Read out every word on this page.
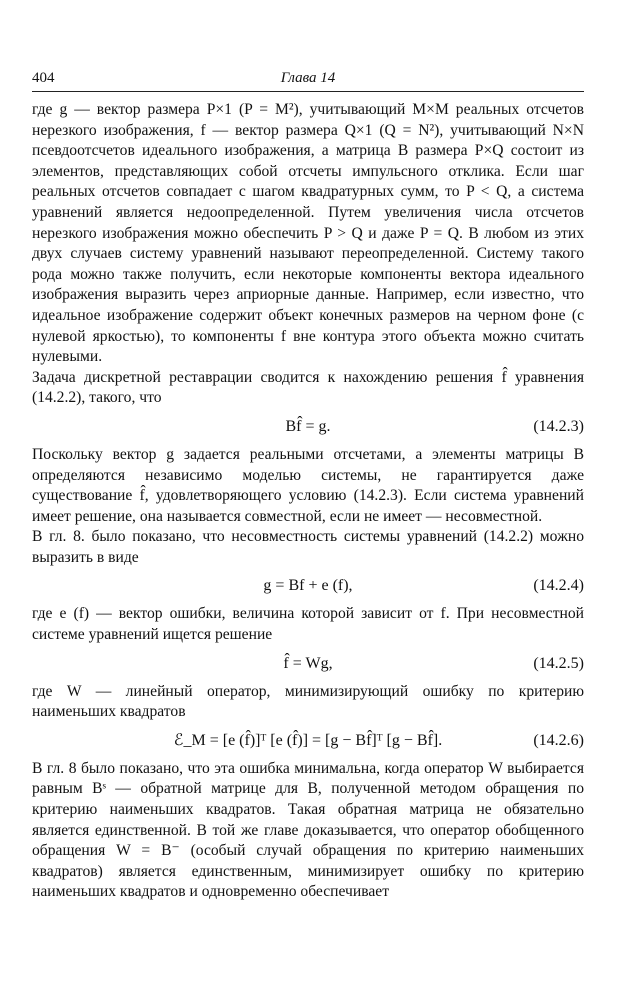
404	Глава 14

где g — вектор размера P×1 (P = M²), учитывающий M×M реальных отсчетов нерезкого изображения, f — вектор размера Q×1 (Q = N²), учитывающий N×N псевдоотсчетов идеального изображения, а матрица B размера P×Q состоит из элементов, представляющих собой отсчеты импульсного отклика. Если шаг реальных отсчетов совпадает с шагом квадратурных сумм, то P < Q, а система уравнений является недоопределенной. Путем увеличения числа отсчетов нерезкого изображения можно обеспечить P > Q и даже P = Q. В любом из этих двух случаев систему уравнений называют переопределенной. Систему такого рода можно также получить, если некоторые компоненты вектора идеального изображения выразить через априорные данные. Например, если известно, что идеальное изображение содержит объект конечных размеров на черном фоне (с нулевой яркостью), то компоненты f вне контура этого объекта можно считать нулевыми.

Задача дискретной реставрации сводится к нахождению решения f̂ уравнения (14.2.2), такого, что

Bf̂ = g.	(14.2.3)

Поскольку вектор g задается реальными отсчетами, а элементы матрицы B определяются независимо моделью системы, не гарантируется даже существование f̂, удовлетворяющего условию (14.2.3). Если система уравнений имеет решение, она называется совместной, если не имеет — несовместной.

В гл. 8. было показано, что несовместность системы уравнений (14.2.2) можно выразить в виде

g = Bf + e (f),	(14.2.4)

где e (f) — вектор ошибки, величина которой зависит от f. При несовместной системе уравнений ищется решение

f̂ = Wg,	(14.2.5)

где W — линейный оператор, минимизирующий ошибку по критерию наименьших квадратов

ℰ_M = [e (f̂)]ᵀ [e (f̂)] = [g − Bf̂]ᵀ [g − Bf̂].	(14.2.6)

В гл. 8 было показано, что эта ошибка минимальна, когда оператор W выбирается равным Bˢ — обратной матрице для B, полученной методом обращения по критерию наименьших квадратов. Такая обратная матрица не обязательно является единственной. В той же главе доказывается, что оператор обобщенного обращения W = B⁻ (особый случай обращения по критерию наименьших квадратов) является единственным, минимизирует ошибку по критерию наименьших квадратов и одновременно обеспечивает
